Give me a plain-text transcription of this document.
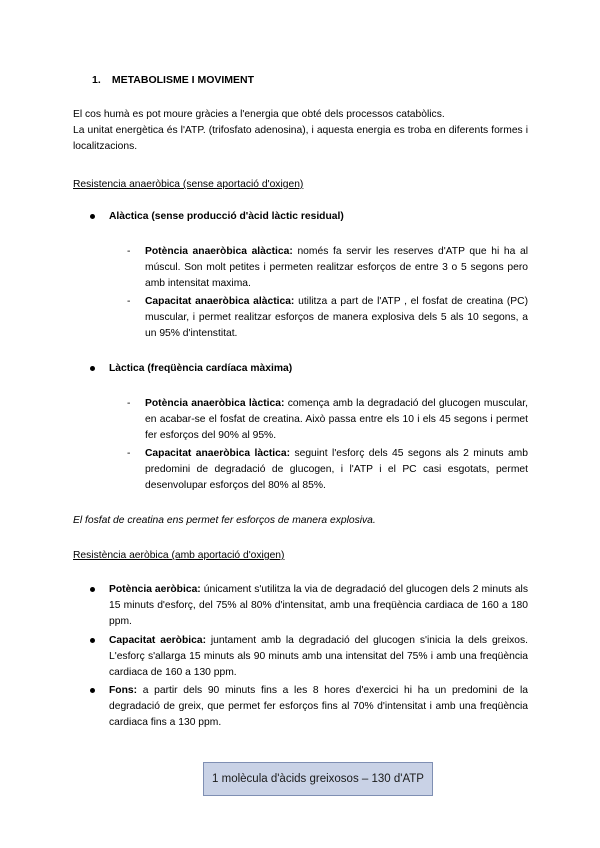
1. METABOLISME I MOVIMENT
El cos humà es pot moure gràcies a l'energia que obté dels processos catabòlics.
La unitat energètica és l'ATP. (trifosfato adenosina), i aquesta energia es troba en diferents formes i localitzacions.
Resistencia anaeròbica (sense aportació d'oxigen)
Alàctica (sense producció d'àcid làctic residual)
-	Potència anaeròbica alàctica: només fa servir les reserves d'ATP que hi ha al múscul. Son molt petites i permeten realitzar esforços de entre 3 o 5 segons pero amb intensitat maxima.
-	Capacitat anaeròbica alàctica: utilitza a part de l'ATP , el fosfat de creatina (PC) muscular, i permet realitzar esforços de manera explosiva dels 5 als 10 segons, a un 95% d'intenstitat.
Làctica (freqüència cardíaca màxima)
-	Potència anaeròbica làctica: comença amb la degradació del glucogen muscular, en acabar-se el fosfat de creatina. Això passa entre els 10 i els 45 segons i permet fer esforços del 90% al 95%.
-	Capacitat anaeròbica làctica: seguint l'esforç dels 45 segons als 2 minuts amb predomini de degradació de glucogen, i l'ATP i el PC casi esgotats, permet desenvolupar esforços del 80% al 85%.
El fosfat de creatina ens permet fer esforços de manera explosiva.
Resistència aeròbica (amb aportació d'oxigen)
Potència aeròbica: únicament s'utilitza la via de degradació del glucogen dels 2 minuts als 15 minuts d'esforç, del 75% al 80% d'intensitat, amb una freqüència cardiaca de 160 a 180 ppm.
Capacitat aeròbica: juntament amb la degradació del glucogen s'inicia la dels greixos. L'esforç s'allarga 15 minuts als 90 minuts amb una intensitat del 75% i amb una freqüència cardiaca de 160 a 130 ppm.
Fons: a partir dels 90 minuts fins a les 8 hores d'exercici hi ha un predomini de la degradació de greix, que permet fer esforços fins al 70% d'intensitat i amb una freqüència cardiaca fins a 130 ppm.
1 molècula d'àcids greixosos – 130 d'ATP
